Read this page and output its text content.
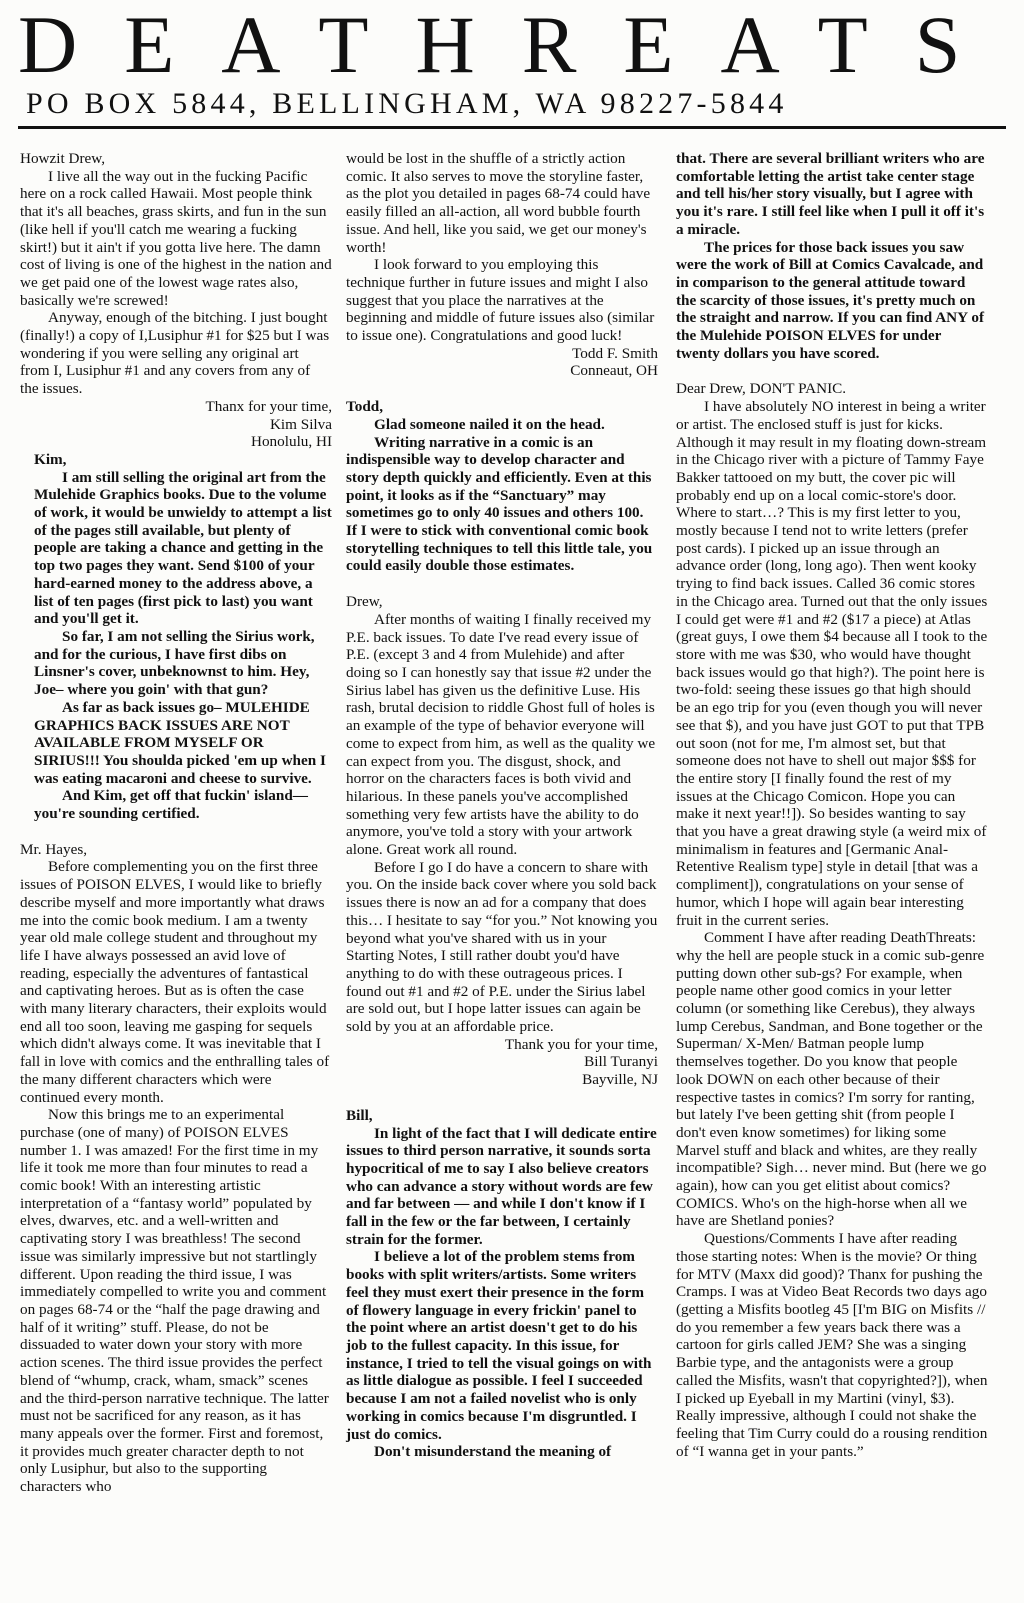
DEATHREATS
PO BOX 5844, BELLINGHAM, WA 98227-5844

Howzit Drew,

I live all the way out in the fucking Pacific here on a rock called Hawaii. Most people think that it's all beaches, grass skirts, and fun in the sun (like hell if you'll catch me wearing a fucking skirt!) but it ain't if you gotta live here. The damn cost of living is one of the highest in the nation and we get paid one of the lowest wage rates also, basically we're screwed!

Anyway, enough of the bitching. I just bought (finally!) a copy of I,Lusiphur #1 for $25 but I was wondering if you were selling any original art from I, Lusiphur #1 and any covers from any of the issues.

Thanx for your time,

Kim Silva

Honolulu, HI

Kim,

I am still selling the original art from the Mulehide Graphics books. Due to the volume of work, it would be unwieldy to attempt a list of the pages still available, but plenty of people are taking a chance and getting in the top two pages they want. Send $100 of your hard-earned money to the address above, a list of ten pages (first pick to last) you want and you'll get it.

So far, I am not selling the Sirius work, and for the curious, I have first dibs on Linsner's cover, unbeknownst to him. Hey, Joe– where you goin' with that gun?

As far as back issues go– MULEHIDE GRAPHICS BACK ISSUES ARE NOT AVAILABLE FROM MYSELF OR SIRIUS!!! You shoulda picked 'em up when I was eating macaroni and cheese to survive.

And Kim, get off that fuckin' island— you're sounding certified.

Mr. Hayes,

Before complementing you on the first three issues of POISON ELVES, I would like to briefly describe myself and more importantly what draws me into the comic book medium. I am a twenty year old male college student and throughout my life I have always possessed an avid love of reading, especially the adventures of fantastical and captivating heroes. But as is often the case with many literary characters, their exploits would end all too soon, leaving me gasping for sequels which didn't always come. It was inevitable that I fall in love with comics and the enthralling tales of the many different characters which were continued every month.

Now this brings me to an experimental purchase (one of many) of POISON ELVES number 1. I was amazed! For the first time in my life it took me more than four minutes to read a comic book! With an interesting artistic interpretation of a “fantasy world” populated by elves, dwarves, etc. and a well-written and captivating story I was breathless! The second issue was similarly impressive but not startlingly different. Upon reading the third issue, I was immediately compelled to write you and comment on pages 68-74 or the “half the page drawing and half of it writing” stuff. Please, do not be dissuaded to water down your story with more action scenes. The third issue provides the perfect blend of “whump, crack, wham, smack” scenes and the third-person narrative technique. The latter must not be sacrificed for any reason, as it has many appeals over the former. First and foremost, it provides much greater character depth to not only Lusiphur, but also to the supporting characters who

would be lost in the shuffle of a strictly action comic. It also serves to move the storyline faster, as the plot you detailed in pages 68-74 could have easily filled an all-action, all word bubble fourth issue. And hell, like you said, we get our money's worth!

I look forward to you employing this technique further in future issues and might I also suggest that you place the narratives at the beginning and middle of future issues also (similar to issue one). Congratulations and good luck!

Todd F. Smith

Conneaut, OH

Todd,

Glad someone nailed it on the head.

Writing narrative in a comic is an indispensible way to develop character and story depth quickly and efficiently. Even at this point, it looks as if the “Sanctuary” may sometimes go to only 40 issues and others 100. If I were to stick with conventional comic book storytelling techniques to tell this little tale, you could easily double those estimates.

Drew,

After months of waiting I finally received my P.E. back issues. To date I've read every issue of P.E. (except 3 and 4 from Mulehide) and after doing so I can honestly say that issue #2 under the Sirius label has given us the definitive Luse. His rash, brutal decision to riddle Ghost full of holes is an example of the type of behavior everyone will come to expect from him, as well as the quality we can expect from you. The disgust, shock, and horror on the characters faces is both vivid and hilarious. In these panels you've accomplished something very few artists have the ability to do anymore, you've told a story with your artwork alone. Great work all round.

Before I go I do have a concern to share with you. On the inside back cover where you sold back issues there is now an ad for a company that does this… I hesitate to say “for you.” Not knowing you beyond what you've shared with us in your Starting Notes, I still rather doubt you'd have anything to do with these outrageous prices. I found out #1 and #2 of P.E. under the Sirius label are sold out, but I hope latter issues can again be sold by you at an affordable price.

Thank you for your time,

Bill Turanyi

Bayville, NJ

Bill,

In light of the fact that I will dedicate entire issues to third person narrative, it sounds sorta hypocritical of me to say I also believe creators who can advance a story without words are few and far between — and while I don't know if I fall in the few or the far between, I certainly strain for the former.

I believe a lot of the problem stems from books with split writers/artists. Some writers feel they must exert their presence in the form of flowery language in every frickin' panel to the point where an artist doesn't get to do his job to the fullest capacity. In this issue, for instance, I tried to tell the visual goings on with as little dialogue as possible. I feel I succeeded because I am not a failed novelist who is only working in comics because I'm disgruntled. I just do comics.

Don't misunderstand the meaning of

that. There are several brilliant writers who are comfortable letting the artist take center stage and tell his/her story visually, but I agree with you it's rare. I still feel like when I pull it off it's a miracle.

The prices for those back issues you saw were the work of Bill at Comics Cavalcade, and in comparison to the general attitude toward the scarcity of those issues, it's pretty much on the straight and narrow. If you can find ANY of the Mulehide POISON ELVES for under twenty dollars you have scored.

Dear Drew, DON'T PANIC.

I have absolutely NO interest in being a writer or artist. The enclosed stuff is just for kicks. Although it may result in my floating down-stream in the Chicago river with a picture of Tammy Faye Bakker tattooed on my butt, the cover pic will probably end up on a local comic-store's door. Where to start…? This is my first letter to you, mostly because I tend not to write letters (prefer post cards). I picked up an issue through an advance order (long, long ago). Then went kooky trying to find back issues. Called 36 comic stores in the Chicago area. Turned out that the only issues I could get were #1 and #2 ($17 a piece) at Atlas (great guys, I owe them $4 because all I took to the store with me was $30, who would have thought back issues would go that high?). The point here is two-fold: seeing these issues go that high should be an ego trip for you (even though you will never see that $), and you have just GOT to put that TPB out soon (not for me, I'm almost set, but that someone does not have to shell out major $$$ for the entire story [I finally found the rest of my issues at the Chicago Comicon. Hope you can make it next year!!]). So besides wanting to say that you have a great drawing style (a weird mix of minimalism in features and [Germanic Anal-Retentive Realism type] style in detail [that was a compliment]), congratulations on your sense of humor, which I hope will again bear interesting fruit in the current series.

Comment I have after reading DeathThreats: why the hell are people stuck in a comic sub-genre putting down other sub-gs? For example, when people name other good comics in your letter column (or something like Cerebus), they always lump Cerebus, Sandman, and Bone together or the Superman/ X-Men/ Batman people lump themselves together. Do you know that people look DOWN on each other because of their respective tastes in comics? I'm sorry for ranting, but lately I've been getting shit (from people I don't even know sometimes) for liking some Marvel stuff and black and whites, are they really incompatible? Sigh… never mind. But (here we go again), how can you get elitist about comics? COMICS. Who's on the high-horse when all we have are Shetland ponies?

Questions/Comments I have after reading those starting notes: When is the movie? Or thing for MTV (Maxx did good)? Thanx for pushing the Cramps. I was at Video Beat Records two days ago (getting a Misfits bootleg 45 [I'm BIG on Misfits // do you remember a few years back there was a cartoon for girls called JEM? She was a singing Barbie type, and the antagonists were a group called the Misfits, wasn't that copyrighted?]), when I picked up Eyeball in my Martini (vinyl, $3). Really impressive, although I could not shake the feeling that Tim Curry could do a rousing rendition of “I wanna get in your pants.”
